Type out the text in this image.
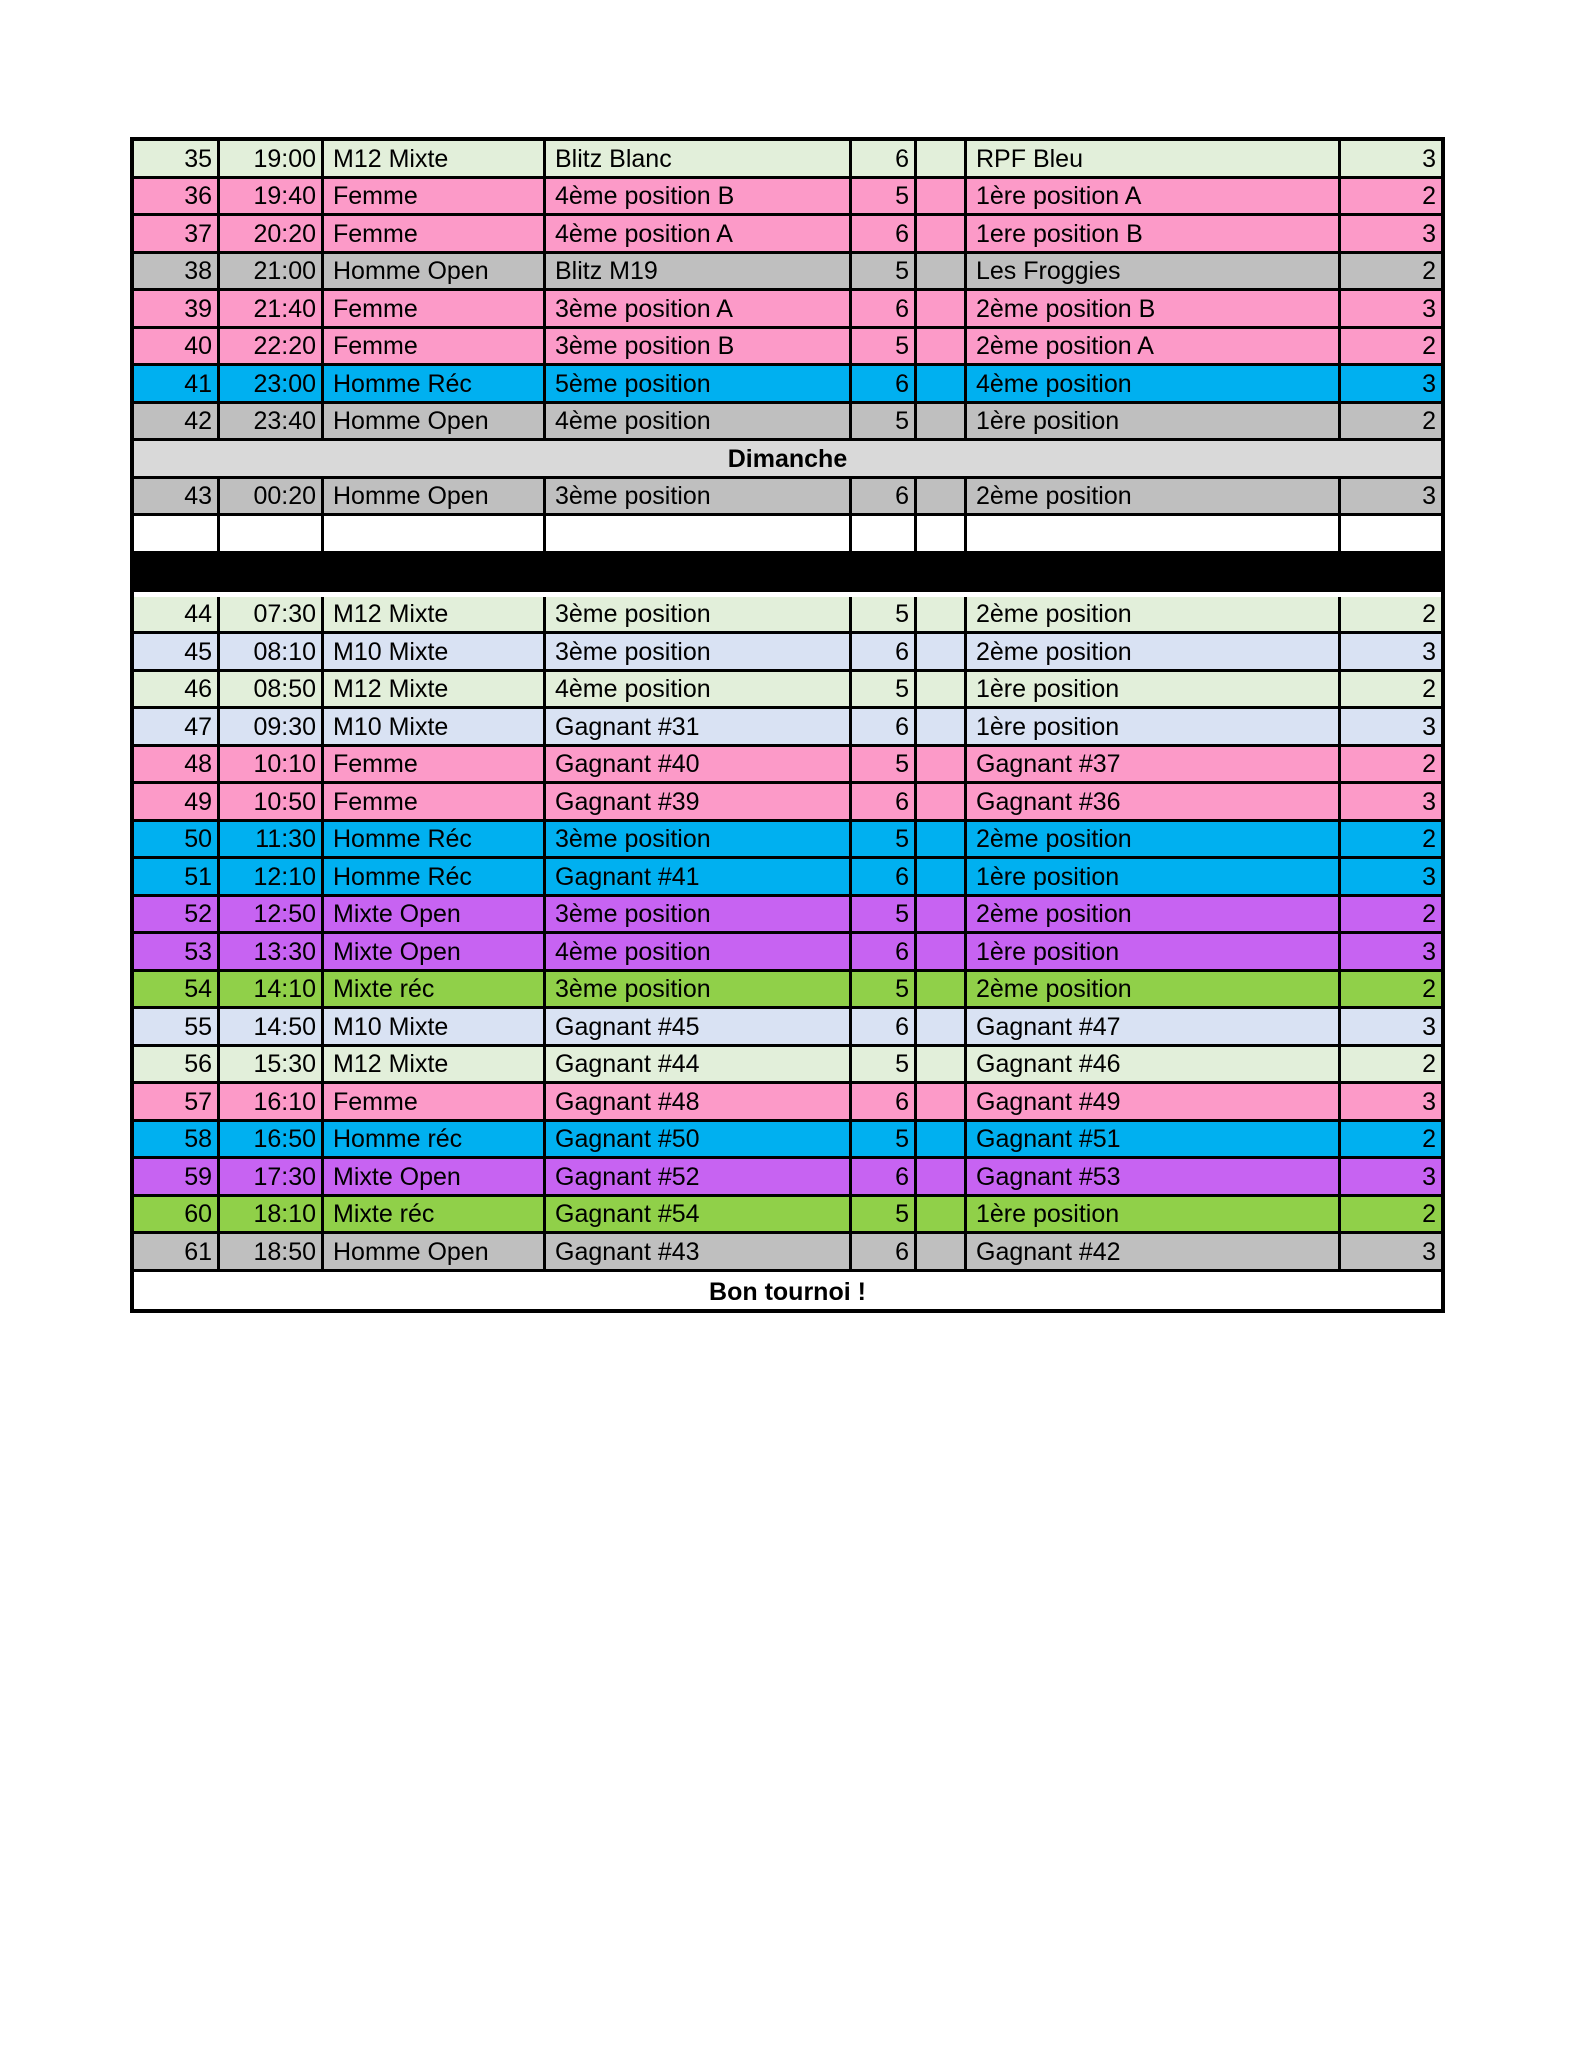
35	19:00 M12 Mixte	Blitz Blanc	6	RPF Bleu	3
36	19:40 Femme	4ème position B	5	1ère position A	2
37	20:20 Femme	4ème position A	6	1ere position B	3
38	21:00 Homme Open	Blitz M19	5	Les Froggies	2
39	21:40 Femme	3ème position A	6	2ème position B	3
40	22:20 Femme	3ème position B	5	2ème position A	2
41	23:00 Homme Réc	5ème position	6	4ème position	3
42	23:40 Homme Open	4ème position	5	1ère position	2
Dimanche
43	00:20 Homme Open	3ème position	6	2ème position	3
44	07:30 M12 Mixte	3ème position	5	2ème position	2
45	08:10 M10 Mixte	3ème position	6	2ème position	3
46	08:50 M12 Mixte	4ème position	5	1ère position	2
47	09:30 M10 Mixte	Gagnant #31	6	1ère position	3
48	10:10 Femme	Gagnant #40	5	Gagnant #37	2
49	10:50 Femme	Gagnant #39	6	Gagnant #36	3
50	11:30 Homme Réc	3ème position	5	2ème position	2
51	12:10 Homme Réc	Gagnant #41	6	1ère position	3
52	12:50 Mixte Open	3ème position	5	2ème position	2
53	13:30 Mixte Open	4ème position	6	1ère position	3
54	14:10 Mixte réc	3ème position	5	2ème position	2
55	14:50 M10 Mixte	Gagnant #45	6	Gagnant #47	3
56	15:30 M12 Mixte	Gagnant #44	5	Gagnant #46	2
57	16:10 Femme	Gagnant #48	6	Gagnant #49	3
58	16:50 Homme réc	Gagnant #50	5	Gagnant #51	2
59	17:30 Mixte Open	Gagnant #52	6	Gagnant #53	3
60	18:10 Mixte réc	Gagnant #54	5	1ère position	2
61	18:50 Homme Open	Gagnant #43	6	Gagnant #42	3
Bon tournoi !
